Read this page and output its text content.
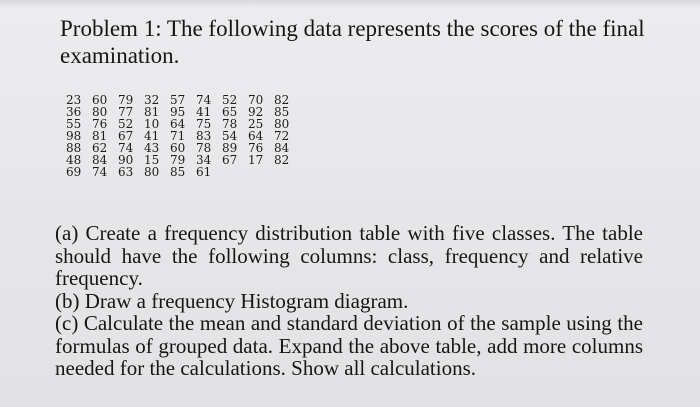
Problem 1: The following data represents the scores of the final examination.

23	60	79	32	57	74	52	70	82
36	80	77	81	95	41	65	92	85
55	76	52	10	64	75	78	25	80
98	81	67	41	71	83	54	64	72
88	62	74	43	60	78	89	76	84
48	84	90	15	79	34	67	17	82
69	74	63	80	85	61			

(a) Create a frequency distribution table with five classes. The table should have the following columns: class, frequency and relative frequency.

(b) Draw a frequency Histogram diagram.

(c) Calculate the mean and standard deviation of the sample using the formulas of grouped data. Expand the above table, add more columns needed for the calculations. Show all calculations.
